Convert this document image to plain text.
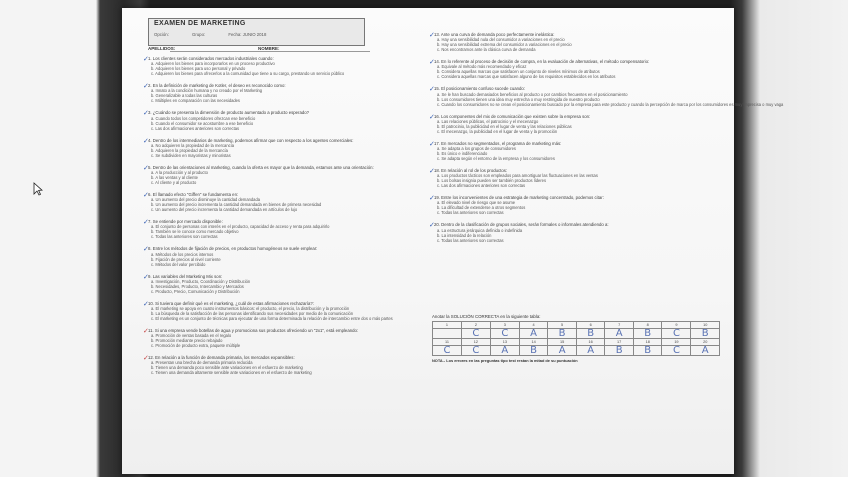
EXAMEN DE MARKETING
Opción:	Grupo:	Fecha: JUNIO 2018
APELLIDOS:	NOMBRE:
✓ 1. Los clientes serán considerados mercados industriales cuando:
a. Adquieren los bienes para incorporarlos en un proceso productivo
b. Adquieren los bienes para uso personal y privado
c. Adquieren los bienes para ofrecerlos a la comunidad que tiene a su cargo, prestando un servicio público
✓ 2. En la definición de marketing de Kotler, el deseo es reconocido como:
a. Innato a la condición humana y no creado por el Marketing
b. Generalizable a todas las culturas
c. Múltiples en comparación con las necesidades
✓ 3. ¿Cuándo se presenta la dimensión de producto aumentado a producto esperado?
a. Cuando todos los competidores ofrezcan ese beneficio
b. Cuando el consumidor se acostumbre a ese beneficio
c. Las dos afirmaciones anteriores son correctas
✓ 4. Dentro de los intermediarios de marketing, podemos afirmar que con respecto a los agentes comerciales:
a. No adquieren la propiedad de la mercancía
b. Adquieren la propiedad de la mercancía
c. Se subdividen en mayoristas y minoristas
✓ 5. Dentro de las orientaciones al marketing, cuando la oferta es mayor que la demanda, estamos ante una orientación:
a. A la producción y al producto
b. A las ventas y al cliente
c. Al cliente y al producto
✓ 6. El llamado efecto "Giffen" se fundamenta en:
a. Un aumento del precio disminuye la cantidad demandada
b. Un aumento del precio incrementa la cantidad demandada en bienes de primera necesidad
c. Un aumento del precio incrementa la cantidad demandada en artículos de lujo
✓ 7. Se entiende por mercado disponible:
a. El conjunto de personas con interés en el producto, capacidad de acceso y renta para adquirirlo
b. También se le conoce como mercado objetivo
c. Todas las anteriores son correctas
✓ 8. Entre los métodos de fijación de precios, en productos homogéneos se suele emplear:
a. Métodos de los precios internos
b. Fijación de precios al nivel corriente
c. Métodos del valor percibido
✓ 9. Las variables del Marketing Mix son:
a. Investigación, Producto, Coordinación y Distribución
b. Necesidades, Producto, Intercambio y Mercados
c. Producto, Precio, Comunicación y Distribución
✓ 10. Si tuviera que definir qué es el marketing, ¿cuál de estas afirmaciones rechazaría?:
a. El marketing se apoya en cuatro instrumentos básicos: el producto, el precio, la distribución y la promoción
b. La búsqueda de la satisfacción de las personas identificando sus necesidades por medio de la comunicación
c. El marketing es un conjunto de técnicas para ejecutar de una forma determinada la relación de intercambio entre dos o más partes
✓ 11. Si una empresa vende botellas de agua y promociona sus productos ofreciendo un "2x1", está empleando:
a. Promoción de ventas basada en el regalo
b. Promoción mediante precio rebajado
c. Promoción de producto extra, paquete múltiple
✓ 12. En relación a la función de demanda primaria, los mercados expansibles:
a. Presentan una brecha de demanda primaria reducida
b. Tienen una demanda poco sensible ante variaciones en el esfuerzo de marketing
c. Tienen una demanda altamente sensible ante variaciones en el esfuerzo de marketing
✓ 13. Ante una curva de demanda poco perfectamente inelástica:
a. Hay una sensibilidad nula del consumidor a variaciones en el precio
b. Hay una sensibilidad extrema del consumidor a variaciones en el precio
c. Nos encontramos ante la clásica curva de demanda
✓ 14. En lo referente al proceso de decisión de compra, en la evaluación de alternativas, el método compensatorio:
a. Equivale al método más recomendado y eficaz
b. Considera aquellas marcas que satisfacen un conjunto de niveles mínimos de atributos
c. Considera aquellas marcas que satisfacen alguno de los requisitos establecidos en los atributos
✓ 15. El posicionamiento confuso sucede cuando:
a. Se le han buscado demasiados beneficios al producto o por cambios frecuentes en el posicionamiento
b. Los consumidores tienen una idea muy estrecha o muy restringida de nuestro producto
c. Cuando los consumidores no se crean el posicionamiento buscado por la empresa para este producto y cuando la percepción de marca por los consumidores es muy imprecisa o muy vaga
✓ 16. Los componentes del mix de comunicación que existen sobre la empresa son:
a. Las relaciones públicas, el patrocinio y el mecenazgo
b. El patrocinio, la publicidad en el lugar de venta y las relaciones públicas
c. El mecenazgo, la publicidad en el lugar de venta y la promoción
✓ 17. En mercados no segmentados, el programa de marketing más:
a. Se adapta a los grupos de consumidores
b. Es único e indiferenciado
c. Se adapta según el entorno de la empresa y los consumidores
✓ 18. En relación al rol de los productos:
a. Los productos tácticos son empleados para amortiguar las fluctuaciones en las ventas
b. Los bolsas insignia pueden ser también productos líderes
c. Las dos afirmaciones anteriores son correctas
✓ 19. Entre los inconvenientes de una estrategia de marketing concentrado, podemos citar:
a. El elevado nivel de riesgo que se asume
b. La dificultad de extenderse a otros segmentos
c. Todas las anteriores son correctas
✓ 20. Dentro de la clasificación de grupos sociales, serán formales o informales atendiendo a:
a. La estructura jerárquica definida o indefinida
b. La intensidad de la relación
c. Todas las anteriores son correctas
Anotar la SOLUCIÓN CORRECTA en la siguiente tabla:
1	2	3	4	5	6	7	8	9	10
	C	C	A	B	B	A	B	C	B
11	12	13	14	15	16	17	18	19	20
C	C	A	B	A	A	B	B	C	A
NOTA.- Los errores en las preguntas tipo test restan la mitad de su puntuación
